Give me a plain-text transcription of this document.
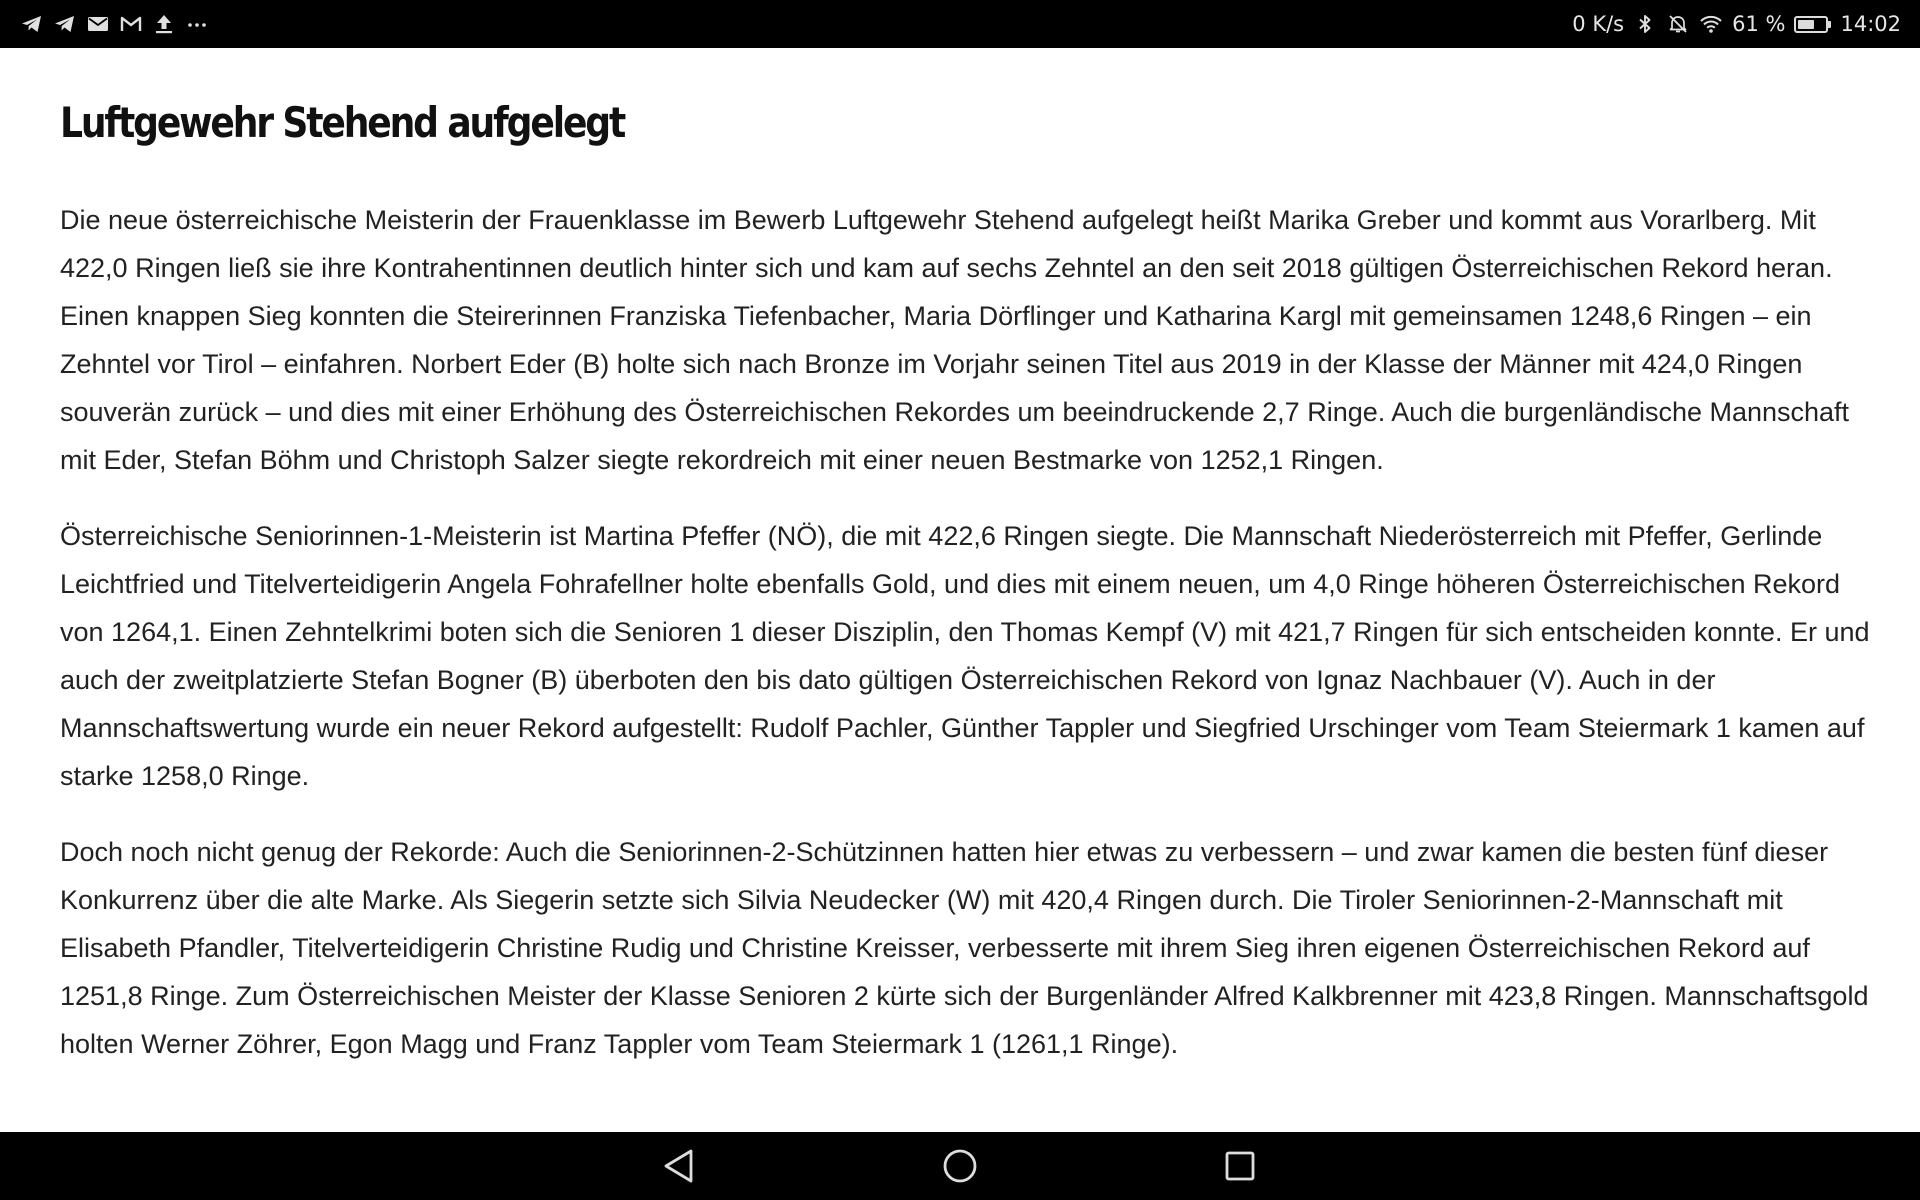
0 K/s	61 %	14:02
Luftgewehr Stehend aufgelegt

Die neue österreichische Meisterin der Frauenklasse im Bewerb Luftgewehr Stehend aufgelegt heißt Marika Greber und kommt aus Vorarlberg. Mit 422,0 Ringen ließ sie ihre Kontrahentinnen deutlich hinter sich und kam auf sechs Zehntel an den seit 2018 gültigen Österreichischen Rekord heran. Einen knappen Sieg konnten die Steirerinnen Franziska Tiefenbacher, Maria Dörflinger und Katharina Kargl mit gemeinsamen 1248,6 Ringen – ein Zehntel vor Tirol – einfahren. Norbert Eder (B) holte sich nach Bronze im Vorjahr seinen Titel aus 2019 in der Klasse der Männer mit 424,0 Ringen souverän zurück – und dies mit einer Erhöhung des Österreichischen Rekordes um beeindruckende 2,7 Ringe. Auch die burgenländische Mannschaft mit Eder, Stefan Böhm und Christoph Salzer siegte rekordreich mit einer neuen Bestmarke von 1252,1 Ringen.

Österreichische Seniorinnen-1-Meisterin ist Martina Pfeffer (NÖ), die mit 422,6 Ringen siegte. Die Mannschaft Niederösterreich mit Pfeffer, Gerlinde Leichtfried und Titelverteidigerin Angela Fohrafellner holte ebenfalls Gold, und dies mit einem neuen, um 4,0 Ringe höheren Österreichischen Rekord von 1264,1. Einen Zehntelkrimi boten sich die Senioren 1 dieser Disziplin, den Thomas Kempf (V) mit 421,7 Ringen für sich entscheiden konnte. Er und auch der zweitplatzierte Stefan Bogner (B) überboten den bis dato gültigen Österreichischen Rekord von Ignaz Nachbauer (V). Auch in der Mannschaftswertung wurde ein neuer Rekord aufgestellt: Rudolf Pachler, Günther Tappler und Siegfried Urschinger vom Team Steiermark 1 kamen auf starke 1258,0 Ringe.

Doch noch nicht genug der Rekorde: Auch die Seniorinnen-2-Schützinnen hatten hier etwas zu verbessern – und zwar kamen die besten fünf dieser Konkurrenz über die alte Marke. Als Siegerin setzte sich Silvia Neudecker (W) mit 420,4 Ringen durch. Die Tiroler Seniorinnen-2-Mannschaft mit Elisabeth Pfandler, Titelverteidigerin Christine Rudig und Christine Kreisser, verbesserte mit ihrem Sieg ihren eigenen Österreichischen Rekord auf 1251,8 Ringe. Zum Österreichischen Meister der Klasse Senioren 2 kürte sich der Burgenländer Alfred Kalkbrenner mit 423,8 Ringen. Mannschaftsgold holten Werner Zöhrer, Egon Magg und Franz Tappler vom Team Steiermark 1 (1261,1 Ringe).
